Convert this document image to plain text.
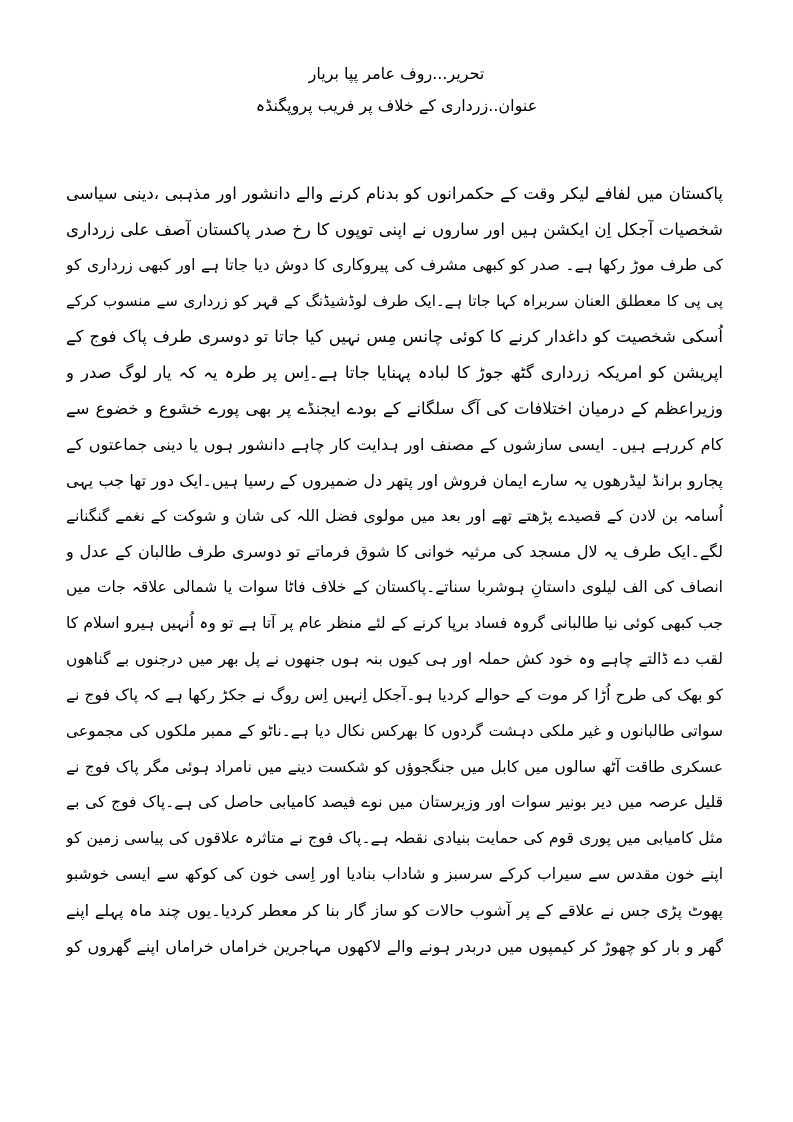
تحریر...روف عامر پپا بریار
عنوان..زرداری کے خلاف پر فریب پروپگنڈہ
پاکستان میں لفافے لیکر وقت کے حکمرانوں کو بدنام کرنے والے دانشور اور مذہبی ،دینی سیاسی
شخصیات آجکل اِن ایکشن ہیں اور ساروں نے اپنی توپوں کا رخ صدر پاکستان آصف علی زرداری
کی طرف موڑ رکھا ہے۔ صدر کو کبھی مشرف کی پیروکاری کا دوش دیا جاتا ہے اور کبھی زرداری کو
پی پی کا معطلق العنان سربراہ کہا جاتا ہے۔ایک طرف لوڈشیڈنگ کے قہر کو زرداری سے منسوب کرکے
اُسکی شخصیت کو داغدار کرنے کا کوئی چانس مِس نہیں کیا جاتا تو دوسری طرف پاک فوج کے
اپریشن کو امریکہ زرداری گٹھ جوڑ کا لبادہ پہنایا جاتا ہے۔اِس پر طرہ یہ کہ یار لوگ صدر و
وزیراعظم کے درمیان اختلافات کی آگ سلگانے کے بودے ایجنڈے پر بھی پورے خشوع و خضوع سے
کام کررہے ہیں۔ ایسی سازشوں کے مصنف اور ہدایت کار چاہے دانشور ہوں یا دینی جماعتوں کے
پجارو برانڈ لیڈرھوں یہ سارے ایمان فروش اور پتھر دل ضمیروں کے رسیا ہیں۔ایک دور تھا جب یہی
اُسامہ بن لادن کے قصیدے پڑھتے تھے اور بعد میں مولوی فضل اللہ کی شان و شوکت کے نغمے گنگنانے
لگے۔ایک طرف یہ لال مسجد کی مرثیہ خوانی کا شوق فرماتے تو دوسری طرف طالبان کے عدل و
انصاف کی الف لیلوی داستانِ ہوشربا سناتے۔پاکستان کے خلاف فاٹا سوات یا شمالی علاقہ جات میں
جب کبھی کوئی نیا طالبانی گروہ فساد برپا کرنے کے لئے منظر عام پر آتا ہے تو وہ اُنہیں ہیرو اسلام کا
لقب دے ڈالتے چاہے وہ خود کش حملہ اور ہی کیوں بنہ ہوں جنھوں نے پل بھر میں درجنوں بے گناھوں
کو بھک کی طرح اُڑا کر موت کے حوالے کردیا ہو۔آجکل اِنہیں اِس روگ نے جکڑ رکھا ہے کہ پاک فوج نے
سواتی طالبانوں و غیر ملکی دہشت گردوں کا بھرکس نکال دیا ہے۔ناٹو کے ممبر ملکوں کی مجموعی
عسکری طاقت آٹھ سالوں میں کابل میں جنگجوؤں کو شکست دینے میں نامراد ہوئی مگر پاک فوج نے
قلیل عرصہ میں دیر بونیر سوات اور وزیرستان میں نوے فیصد کامیابی حاصل کی ہے۔پاک فوج کی بے
مثل کامیابی میں پوری قوم کی حمایت بنیادی نقطہ ہے۔پاک فوج نے متاثرہ علاقوں کی پیاسی زمین کو
اپنے خون مقدس سے سیراب کرکے سرسبز و شاداب بنادیا اور اِسی خون کی کوکھ سے ایسی خوشبو
پھوٹ پڑی جس نے علاقے کے پر آشوب حالات کو ساز گار بنا کر معطر کردیا۔یوں چند ماہ پہلے اپنے
گھر و بار کو چھوڑ کر کیمپوں میں دربدر ہونے والے لاکھوں مہاجرین خراماں خراماں اپنے گھروں کو
